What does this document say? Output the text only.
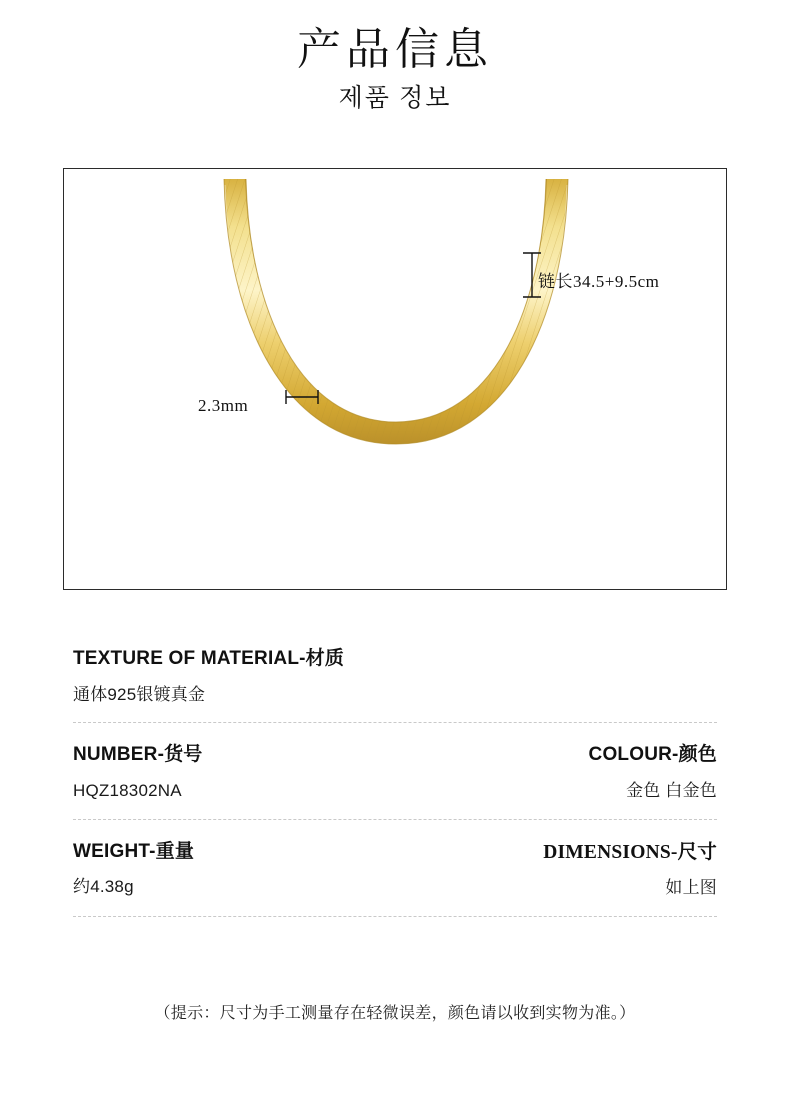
产品信息
제품 정보
链长34.5+9.5cm
2.3mm
TEXTURE OF MATERIAL-材质
通体925银镀真金
NUMBER-货号
HQZ18302NA
COLOUR-颜色
金色 白金色
WEIGHT-重量
约4.38g
DIMENSIONS-尺寸
如上图
（提示：尺寸为手工测量存在轻微误差，颜色请以收到实物为准。）
